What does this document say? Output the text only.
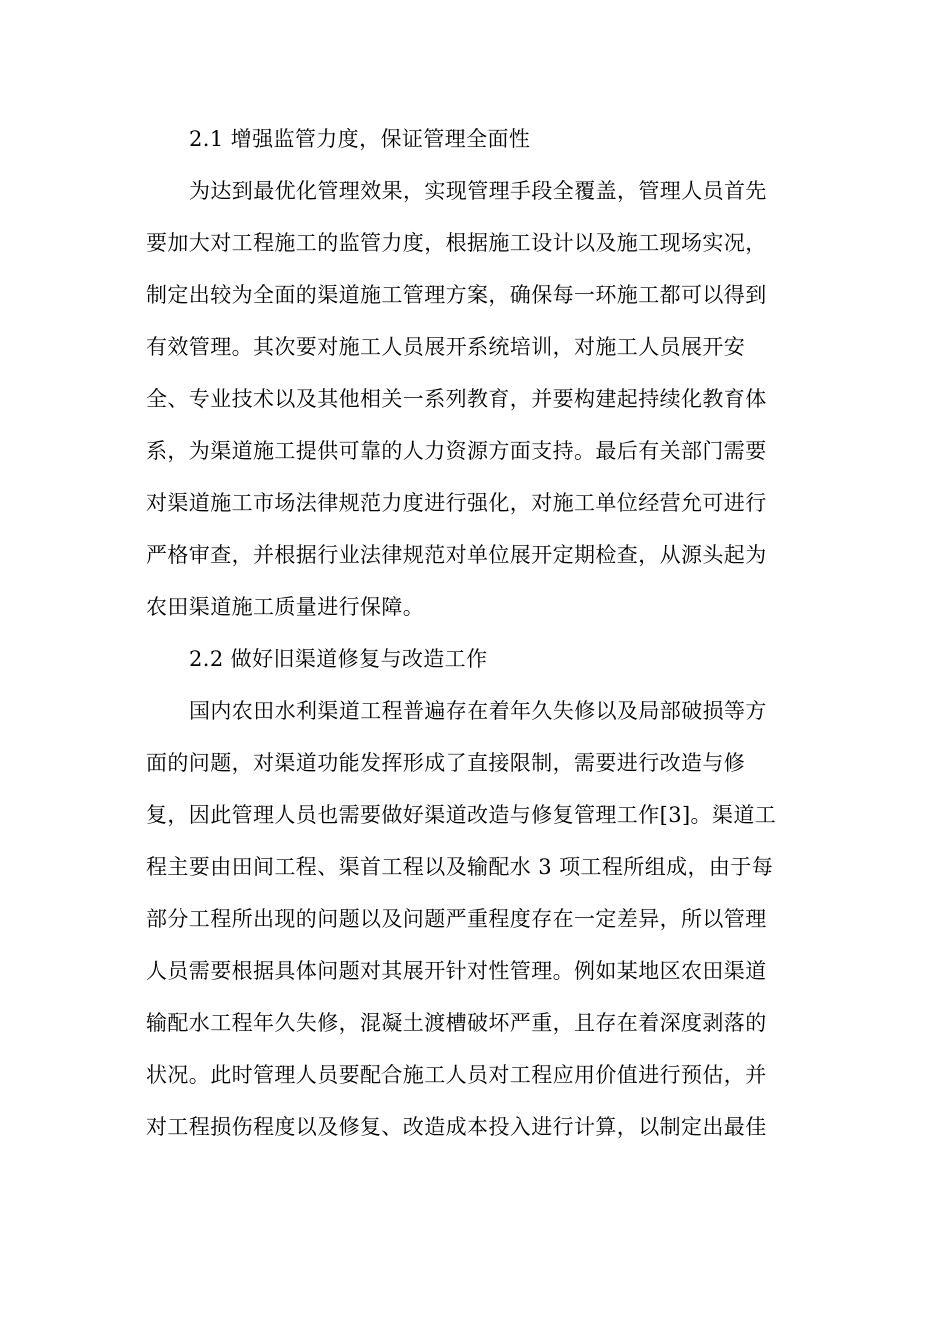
2.1 增强监管力度，保证管理全面性
为达到最优化管理效果，实现管理手段全覆盖，管理人员首先
要加大对工程施工的监管力度，根据施工设计以及施工现场实况，
制定出较为全面的渠道施工管理方案，确保每一环施工都可以得到
有效管理。其次要对施工人员展开系统培训，对施工人员展开安
全、专业技术以及其他相关一系列教育，并要构建起持续化教育体
系，为渠道施工提供可靠的人力资源方面支持。最后有关部门需要
对渠道施工市场法律规范力度进行强化，对施工单位经营允可进行
严格审查，并根据行业法律规范对单位展开定期检查，从源头起为
农田渠道施工质量进行保障。
2.2 做好旧渠道修复与改造工作
国内农田水利渠道工程普遍存在着年久失修以及局部破损等方
面的问题，对渠道功能发挥形成了直接限制，需要进行改造与修
复，因此管理人员也需要做好渠道改造与修复管理工作[3]。渠道工
程主要由田间工程、渠首工程以及输配水 3 项工程所组成，由于每
部分工程所出现的问题以及问题严重程度存在一定差异，所以管理
人员需要根据具体问题对其展开针对性管理。例如某地区农田渠道
输配水工程年久失修，混凝土渡槽破坏严重，且存在着深度剥落的
状况。此时管理人员要配合施工人员对工程应用价值进行预估，并
对工程损伤程度以及修复、改造成本投入进行计算，以制定出最佳
